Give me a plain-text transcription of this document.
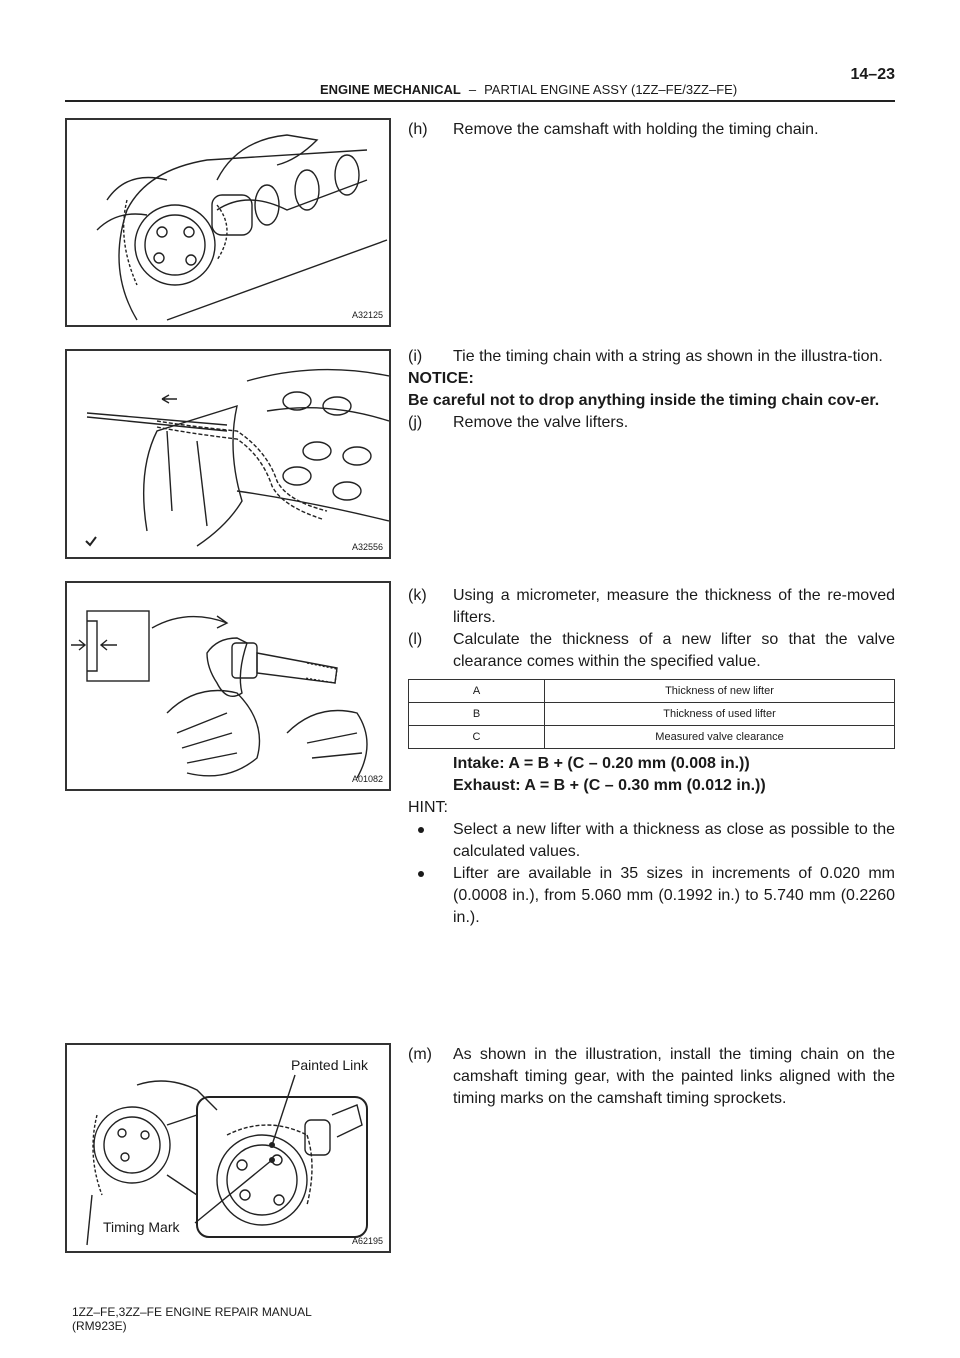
ENGINE MECHANICAL – PARTIAL ENGINE ASSY (1ZZ–FE/3ZZ–FE)
14–23
A32125
A32556
A01082
Painted Link
Timing Mark
A62195
(h) Remove the camshaft with holding the timing chain.
(i) Tie the timing chain with a string as shown in the illustra-tion.
NOTICE:
Be careful not to drop anything inside the timing chain cov-er.
(j) Remove the valve lifters.
(k) Using a micrometer, measure the thickness of the re-moved lifters.
(l) Calculate the thickness of a new lifter so that the valve clearance comes within the specified value.
A	Thickness of new lifter
B	Thickness of used lifter
C	Measured valve clearance
Intake: A = B + (C – 0.20 mm (0.008 in.))
Exhaust: A = B + (C – 0.30 mm (0.012 in.))
HINT:
Select a new lifter with a thickness as close as possible to the calculated values.
Lifter are available in 35 sizes in increments of 0.020 mm (0.0008 in.), from 5.060 mm (0.1992 in.) to 5.740 mm (0.2260 in.).
(m) As shown in the illustration, install the timing chain on the camshaft timing gear, with the painted links aligned with the timing marks on the camshaft timing sprockets.
1ZZ–FE,3ZZ–FE ENGINE REPAIR MANUAL
(RM923E)
